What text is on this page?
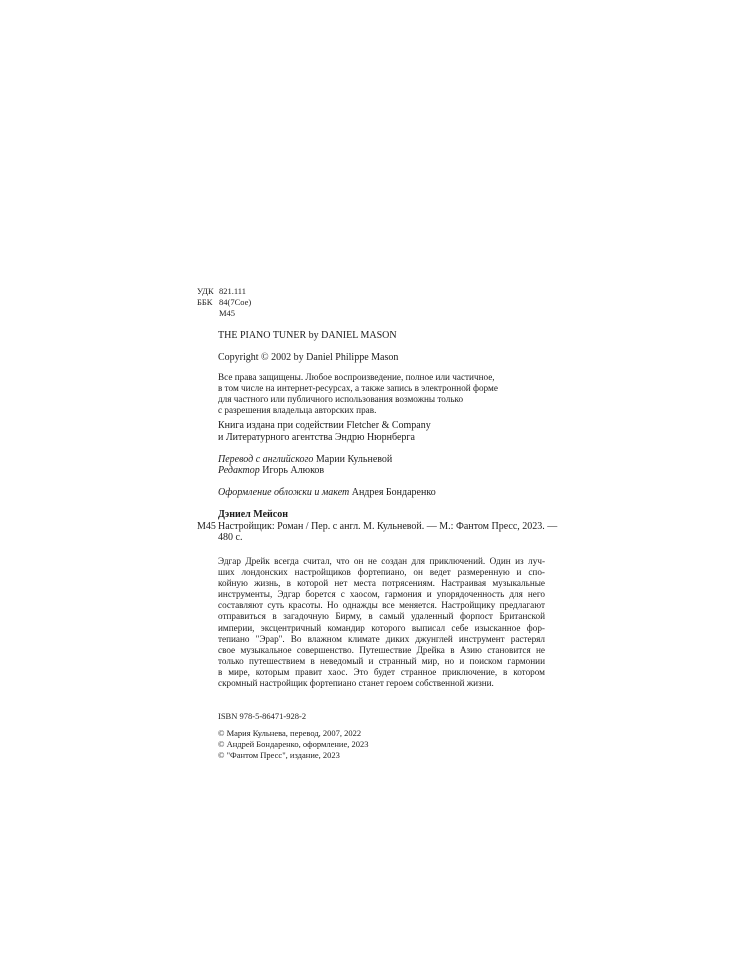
УДК 821.111
ББК 84(7Сое)
М45
THE PIANO TUNER by DANIEL MASON
Copyright © 2002 by Daniel Philippe Mason
Все права защищены. Любое воспроизведение, полное или частичное,
в том числе на интернет-ресурсах, а также запись в электронной форме
для частного или публичного использования возможны только
с разрешения владельца авторских прав.
Книга издана при содействии Fletcher & Company
и Литературного агентства Эндрю Нюрнберга
Перевод с английского Марии Кульневой
Редактор Игорь Алюков
Оформление обложки и макет Андрея Бондаренко
Дэниел Мейсон
М45 Настройщик: Роман / Пер. с англ. М. Кульневой. — М.: Фантом Пресс, 2023. —
480 с.
Эдгар Дрейк всегда считал, что он не создан для приключений. Один из луч-
ших лондонских настройщиков фортепиано, он ведет размеренную и спо-
койную жизнь, в которой нет места потрясениям. Настраивая музыкальные
инструменты, Эдгар борется с хаосом, гармония и упорядоченность для него
составляют суть красоты. Но однажды все меняется. Настройщику предлагают
отправиться в загадочную Бирму, в самый удаленный форпост Британской
империи, эксцентричный командир которого выписал себе изысканное фор-
тепиано "Эрар". Во влажном климате диких джунглей инструмент растерял
свое музыкальное совершенство. Путешествие Дрейка в Азию становится не
только путешествием в неведомый и странный мир, но и поиском гармонии
в мире, которым правит хаос. Это будет странное приключение, в котором
скромный настройщик фортепиано станет героем собственной жизни.
ISBN 978-5-86471-928-2
© Мария Кульнева, перевод, 2007, 2022
© Андрей Бондаренко, оформление, 2023
© "Фантом Пресс", издание, 2023
